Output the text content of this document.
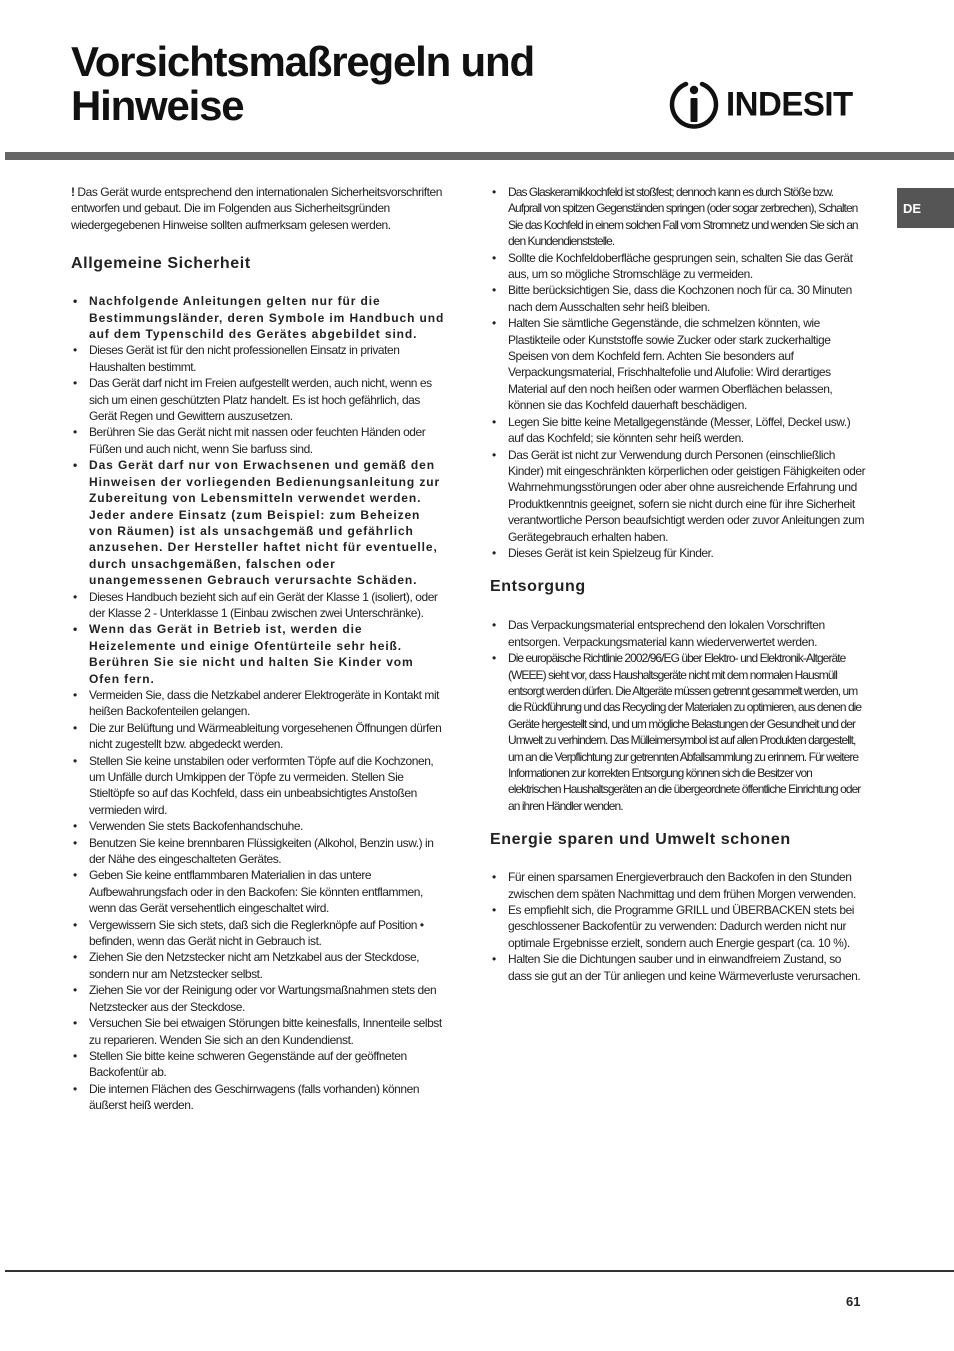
Vorsichtsmaßregeln und
Hinweise	INDESIT
DE

! Das Gerät wurde entsprechend den internationalen Sicherheitsvorschriften entworfen und gebaut. Die im Folgenden aus Sicherheitsgründen wiedergegebenen Hinweise sollten aufmerksam gelesen werden.

Allgemeine Sicherheit
• Nachfolgende Anleitungen gelten nur für die Bestimmungsländer, deren Symbole im Handbuch und auf dem Typenschild des Gerätes abgebildet sind.
• Dieses Gerät ist für den nicht professionellen Einsatz in privaten Haushalten bestimmt.
• Das Gerät darf nicht im Freien aufgestellt werden, auch nicht, wenn es sich um einen geschützten Platz handelt. Es ist hoch gefährlich, das Gerät Regen und Gewittern auszusetzen.
• Berühren Sie das Gerät nicht mit nassen oder feuchten Händen oder Füßen und auch nicht, wenn Sie barfuss sind.
• Das Gerät darf nur von Erwachsenen und gemäß den Hinweisen der vorliegenden Bedienungsanleitung zur Zubereitung von Lebensmitteln verwendet werden. Jeder andere Einsatz (zum Beispiel: zum Beheizen von Räumen) ist als unsachgemäß und gefährlich anzusehen. Der Hersteller haftet nicht für eventuelle, durch unsachgemäßen, falschen oder unangemessenen Gebrauch verursachte Schäden.
• Dieses Handbuch bezieht sich auf ein Gerät der Klasse 1 (isoliert), oder der Klasse 2 - Unterklasse 1 (Einbau zwischen zwei Unterschränke).
• Wenn das Gerät in Betrieb ist, werden die Heizelemente und einige Ofentürteile sehr heiß. Berühren Sie sie nicht und halten Sie Kinder vom Ofen fern.
• Vermeiden Sie, dass die Netzkabel anderer Elektrogeräte in Kontakt mit heißen Backofenteilen gelangen.
• Die zur Belüftung und Wärmeableitung vorgesehenen Öffnungen dürfen nicht zugestellt bzw. abgedeckt werden.
• Stellen Sie keine unstabilen oder verformten Töpfe auf die Kochzonen, um Unfälle durch Umkippen der Töpfe zu vermeiden. Stellen Sie Stieltöpfe so auf das Kochfeld, dass ein unbeabsichtigtes Anstoßen vermieden wird.
• Verwenden Sie stets Backofenhandschuhe.
• Benutzen Sie keine brennbaren Flüssigkeiten (Alkohol, Benzin usw.) in der Nähe des eingeschalteten Gerätes.
• Geben Sie keine entflammbaren Materialien in das untere Aufbewahrungsfach oder in den Backofen: Sie könnten entflammen, wenn das Gerät versehentlich eingeschaltet wird.
• Vergewissern Sie sich stets, daß sich die Reglerknöpfe auf Position • befinden, wenn das Gerät nicht in Gebrauch ist.
• Ziehen Sie den Netzstecker nicht am Netzkabel aus der Steckdose, sondern nur am Netzstecker selbst.
• Ziehen Sie vor der Reinigung oder vor Wartungsmaßnahmen stets den Netzstecker aus der Steckdose.
• Versuchen Sie bei etwaigen Störungen bitte keinesfalls, Innenteile selbst zu reparieren. Wenden Sie sich an den Kundendienst.
• Stellen Sie bitte keine schweren Gegenstände auf der geöffneten Backofentür ab.
• Die internen Flächen des Geschirrwagens (falls vorhanden) können äußerst heiß werden.
• Das Glaskeramikkochfeld ist stoßfest; dennoch kann es durch Stöße bzw. Aufprall von spitzen Gegenständen springen (oder sogar zerbrechen), Schalten Sie das Kochfeld in einem solchen Fall vom Stromnetz und wenden Sie sich an den Kundendienststelle.
• Sollte die Kochfeldoberfläche gesprungen sein, schalten Sie das Gerät aus, um so mögliche Stromschläge zu vermeiden.
• Bitte berücksichtigen Sie, dass die Kochzonen noch für ca. 30 Minuten nach dem Ausschalten sehr heiß bleiben.
• Halten Sie sämtliche Gegenstände, die schmelzen könnten, wie Plastikteile oder Kunststoffe sowie Zucker oder stark zuckerhaltige Speisen von dem Kochfeld fern. Achten Sie besonders auf Verpackungsmaterial, Frischhaltefolie und Alufolie: Wird derartiges Material auf den noch heißen oder warmen Oberflächen belassen, können sie das Kochfeld dauerhaft beschädigen.
• Legen Sie bitte keine Metallgegenstände (Messer, Löffel, Deckel usw.) auf das Kochfeld; sie könnten sehr heiß werden.
• Das Gerät ist nicht zur Verwendung durch Personen (einschließlich Kinder) mit eingeschränkten körperlichen oder geistigen Fähigkeiten oder Wahrnehmungsstörungen oder aber ohne ausreichende Erfahrung und Produktkenntnis geeignet, sofern sie nicht durch eine für ihre Sicherheit verantwortliche Person beaufsichtigt werden oder zuvor Anleitungen zum Gerätegebrauch erhalten haben.
• Dieses Gerät ist kein Spielzeug für Kinder.
Entsorgung
• Das Verpackungsmaterial entsprechend den lokalen Vorschriften entsorgen. Verpackungsmaterial kann wiederverwertet werden.
• Die europäische Richtlinie 2002/96/EG über Elektro- und Elektronik-Altgeräte (WEEE) sieht vor, dass Haushaltsgeräte nicht mit dem normalen Hausmüll entsorgt werden dürfen. Die Altgeräte müssen getrennt gesammelt werden, um die Rückführung und das Recycling der Materialen zu optimieren, aus denen die Geräte hergestellt sind, und um mögliche Belastungen der Gesundheit und der Umwelt zu verhindern. Das Mülleimersymbol ist auf allen Produkten dargestellt, um an die Verpflichtung zur getrennten Abfallsammlung zu erinnern. Für weitere Informationen zur korrekten Entsorgung können sich die Besitzer von elektrischen Haushaltsgeräten an die übergeordnete öffentliche Einrichtung oder an ihren Händler wenden.
Energie sparen und Umwelt schonen
• Für einen sparsamen Energieverbrauch den Backofen in den Stunden zwischen dem späten Nachmittag und dem frühen Morgen verwenden.
• Es empfiehlt sich, die Programme GRILL und ÜBERBACKEN stets bei geschlossener Backofentür zu verwenden: Dadurch werden nicht nur optimale Ergebnisse erzielt, sondern auch Energie gespart (ca. 10 %).
• Halten Sie die Dichtungen sauber und in einwandfreiem Zustand, so dass sie gut an der Tür anliegen und keine Wärmeverluste verursachen.
61
